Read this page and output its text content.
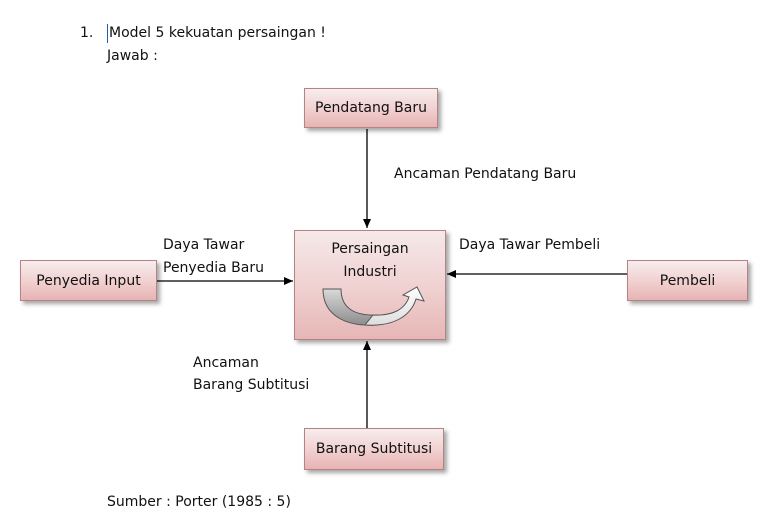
1. Model 5 kekuatan persaingan !
Jawab :
Pendatang Baru
Penyedia Input	Pembeli
Barang Subtitusi
Persaingan
Industri
Ancaman Pendatang Baru
Daya Tawar
Penyedia Baru
Daya Tawar Pembeli
Ancaman
Barang Subtitusi
Sumber : Porter (1985 : 5)
